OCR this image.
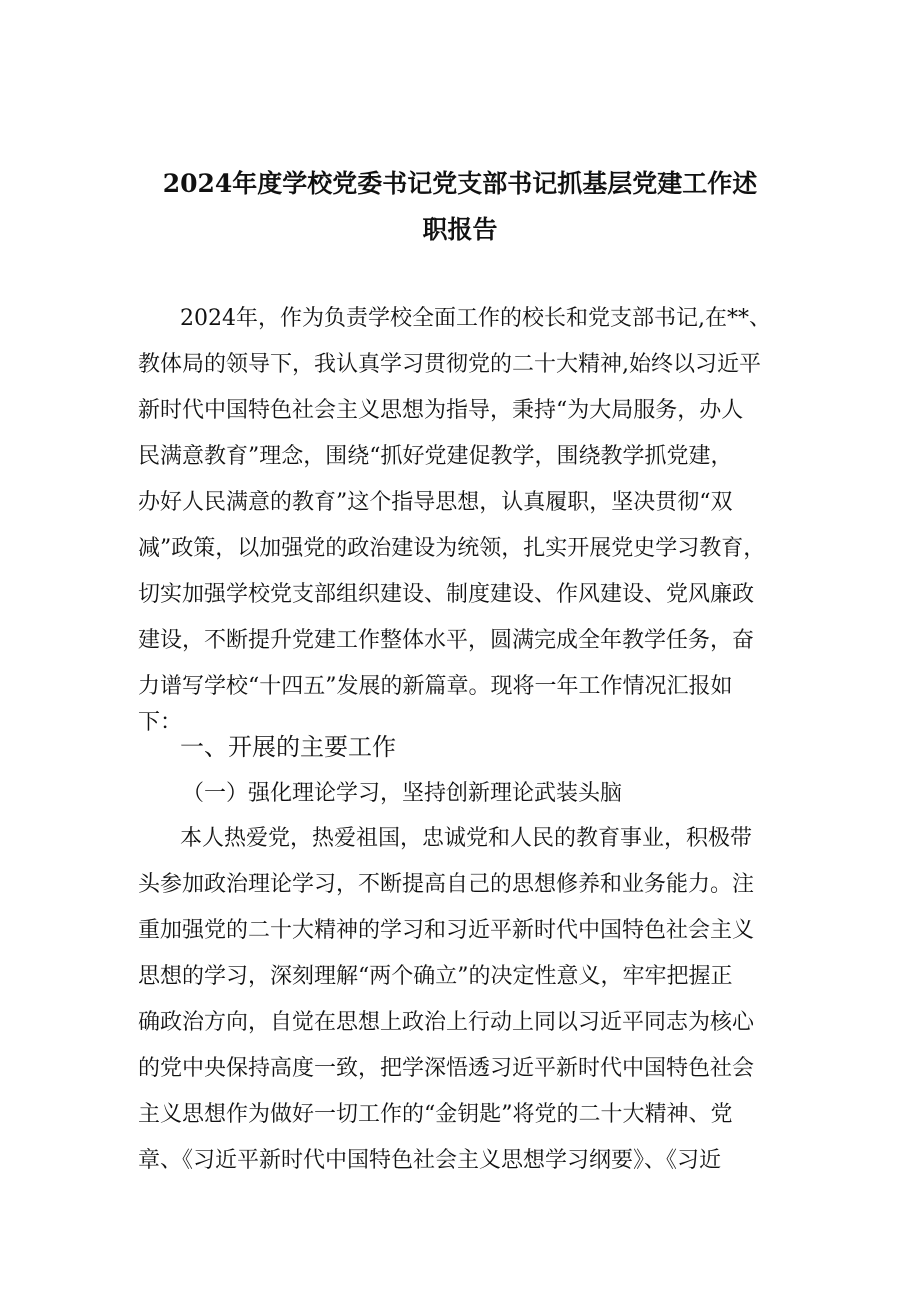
2024年度学校党委书记党支部书记抓基层党建工作述
职报告
2024年，作为负责学校全面工作的校长和党支部书记,在**、
教体局的领导下，我认真学习贯彻党的二十大精神,始终以习近平
新时代中国特色社会主义思想为指导，秉持“为大局服务，办人
民满意教育”理念，围绕“抓好党建促教学，围绕教学抓党建，
办好人民满意的教育”这个指导思想，认真履职，坚决贯彻“双
减”政策，以加强党的政治建设为统领，扎实开展党史学习教育，
切实加强学校党支部组织建设、制度建设、作风建设、党风廉政
建设，不断提升党建工作整体水平，圆满完成全年教学任务，奋
力谱写学校“十四五”发展的新篇章。现将一年工作情况汇报如
下：
一、开展的主要工作
（一）强化理论学习，坚持创新理论武装头脑
本人热爱党，热爱祖国，忠诚党和人民的教育事业，积极带
头参加政治理论学习，不断提高自己的思想修养和业务能力。注
重加强党的二十大精神的学习和习近平新时代中国特色社会主义
思想的学习，深刻理解“两个确立”的决定性意义，牢牢把握正
确政治方向，自觉在思想上政治上行动上同以习近平同志为核心
的党中央保持高度一致，把学深悟透习近平新时代中国特色社会
主义思想作为做好一切工作的“金钥匙”将党的二十大精神、党
章、《习近平新时代中国特色社会主义思想学习纲要》、《习近
